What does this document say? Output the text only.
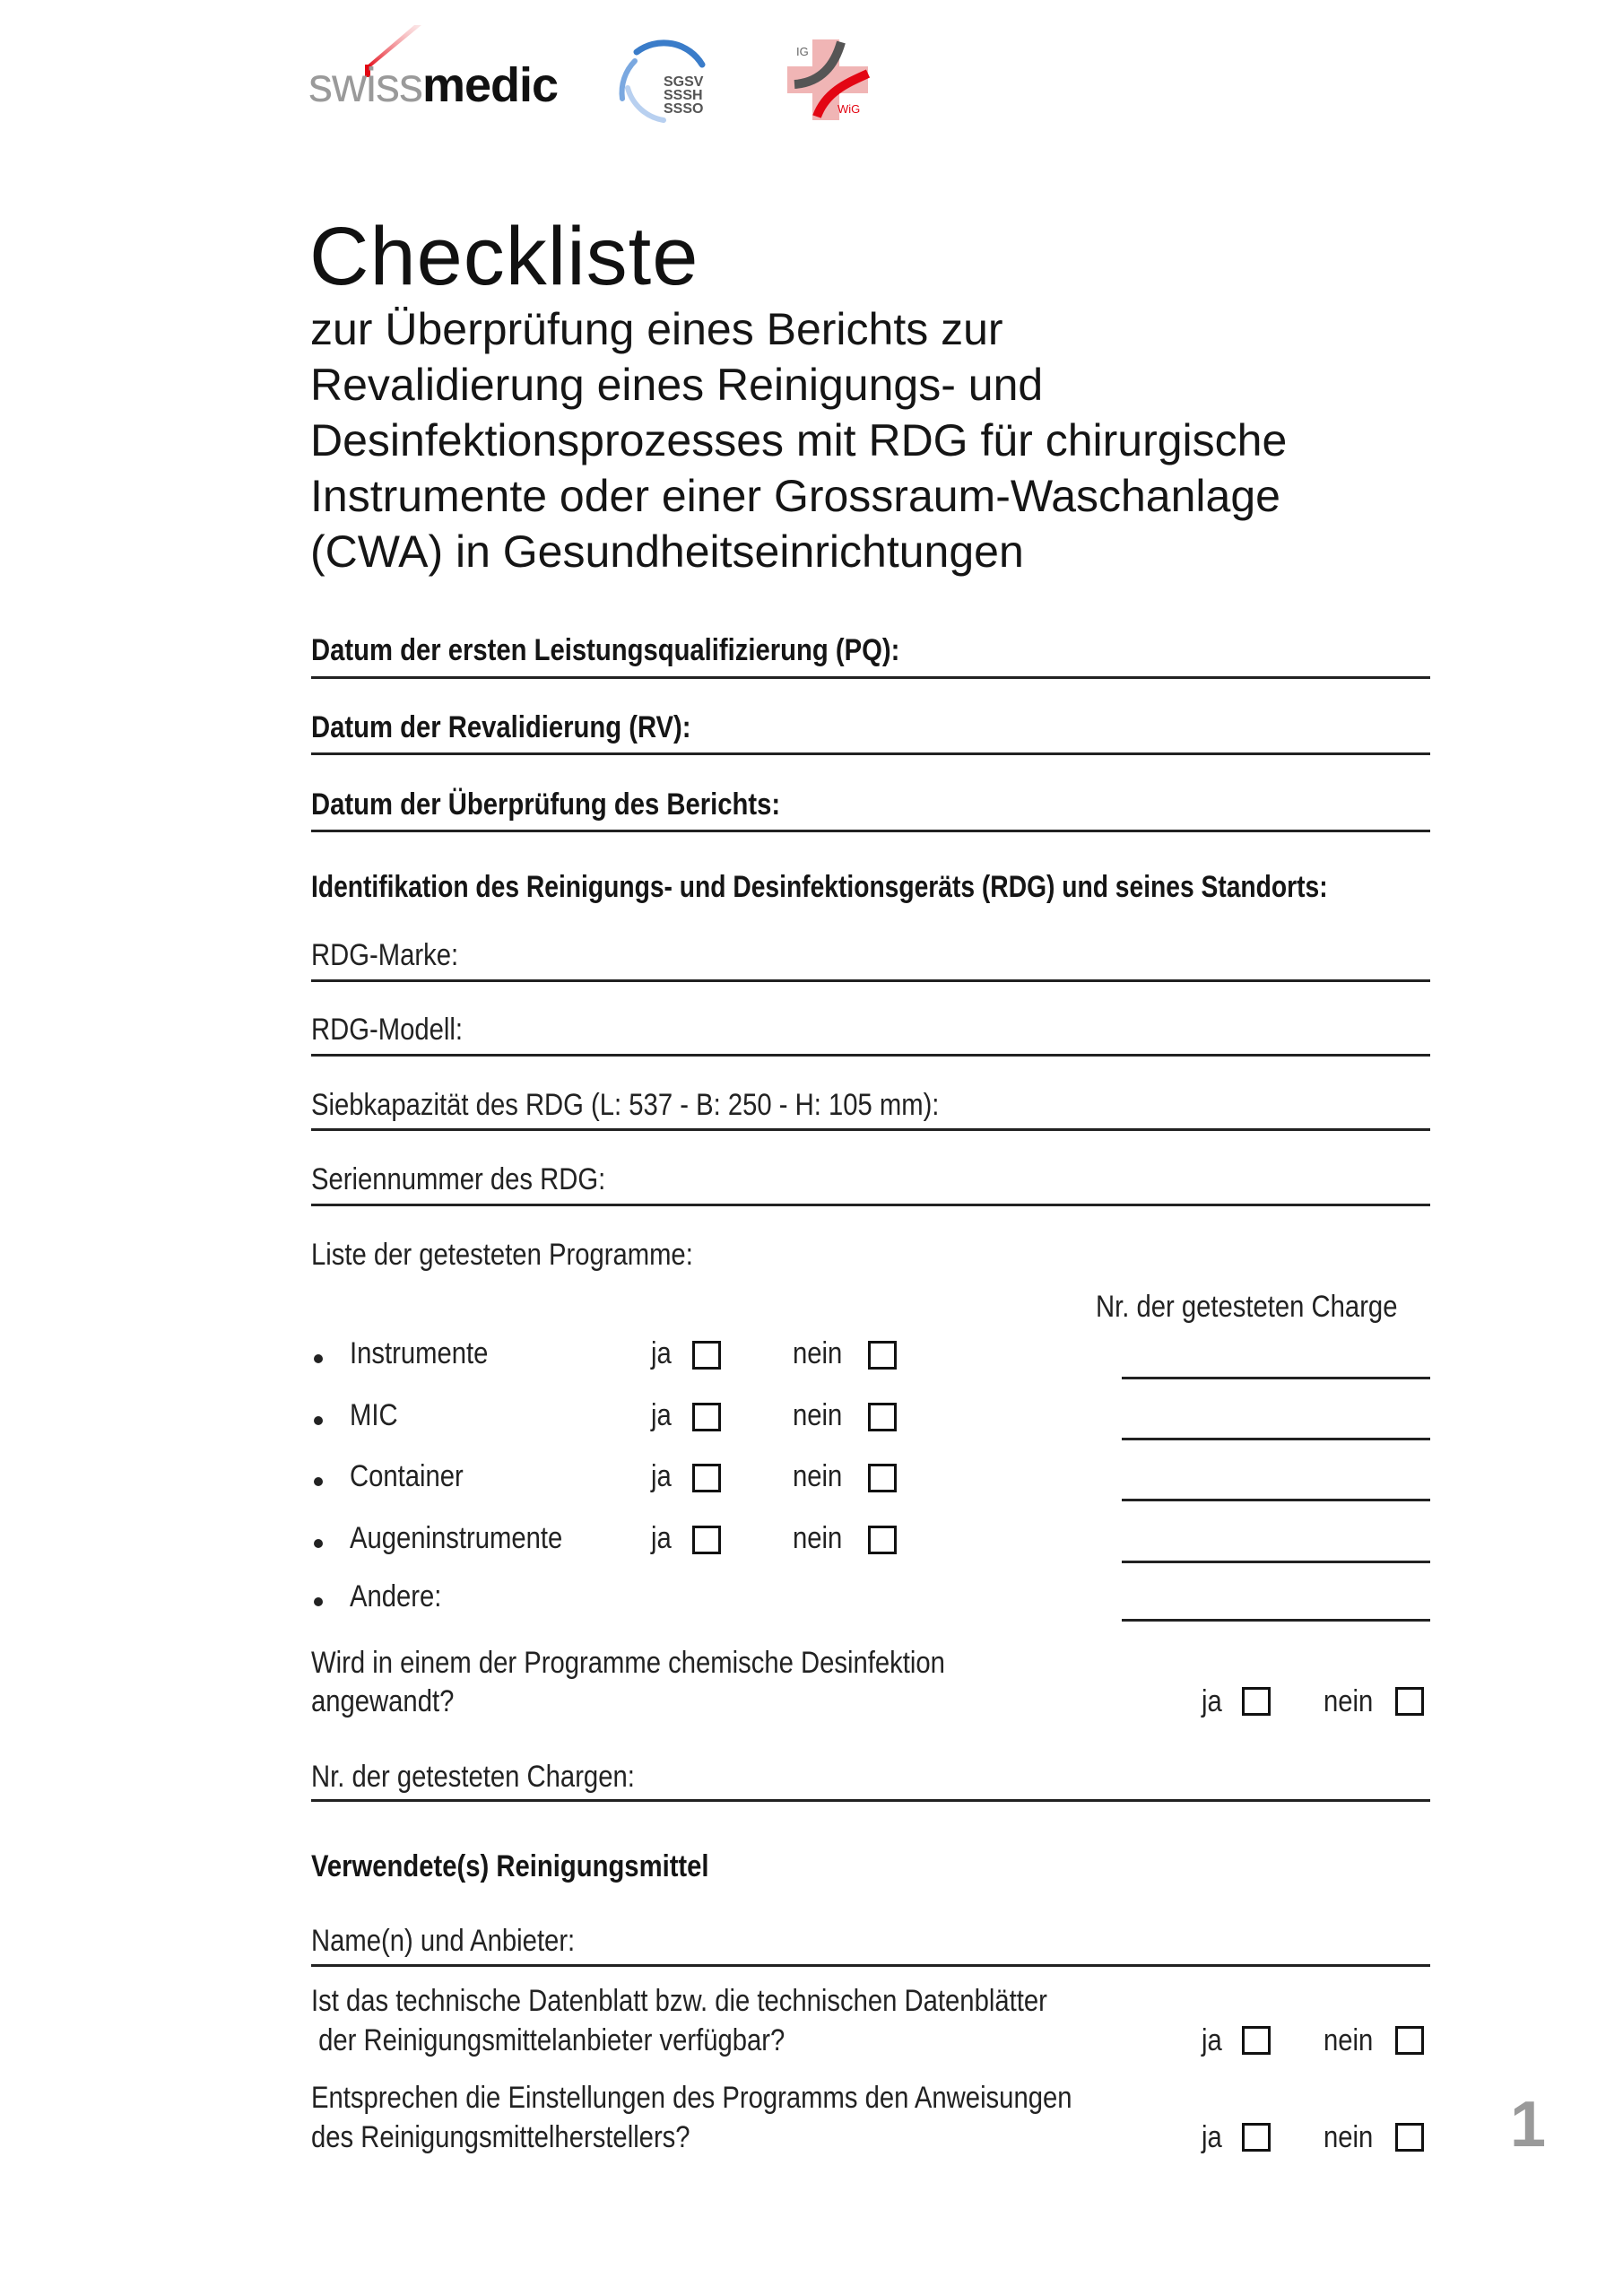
swissmedic	SGSV
SSSH
SSSO
IG
WiG
Checkliste
zur Überprüfung eines Berichts zur
Revalidierung eines Reinigungs- und
Desinfektionsprozesses mit RDG für chirurgische
Instrumente oder einer Grossraum-Waschanlage
(CWA) in Gesundheitseinrichtungen
Datum der ersten Leistungsqualifizierung (PQ):
Datum der Revalidierung (RV):
Datum der Überprüfung des Berichts:
Identifikation des Reinigungs- und Desinfektionsgeräts (RDG) und seines Standorts:
RDG-Marke:
RDG-Modell:
Siebkapazität des RDG (L: 537 - B: 250 - H: 105 mm):
Seriennummer des RDG:
Liste der getesteten Programme:
Nr. der getesteten Charge
Instrumente	ja	nein
MIC	ja	nein
Container	ja	nein
Augeninstrumente	ja	nein
Andere:
Wird in einem der Programme chemische Desinfektion
angewandt?	ja	nein
Nr. der getesteten Chargen:
Verwendete(s) Reinigungsmittel
Name(n) und Anbieter:
Ist das technische Datenblatt bzw. die technischen Datenblätter
der Reinigungsmittelanbieter verfügbar?	ja	nein
Entsprechen die Einstellungen des Programms den Anweisungen
des Reinigungsmittelherstellers?	ja	nein 1
